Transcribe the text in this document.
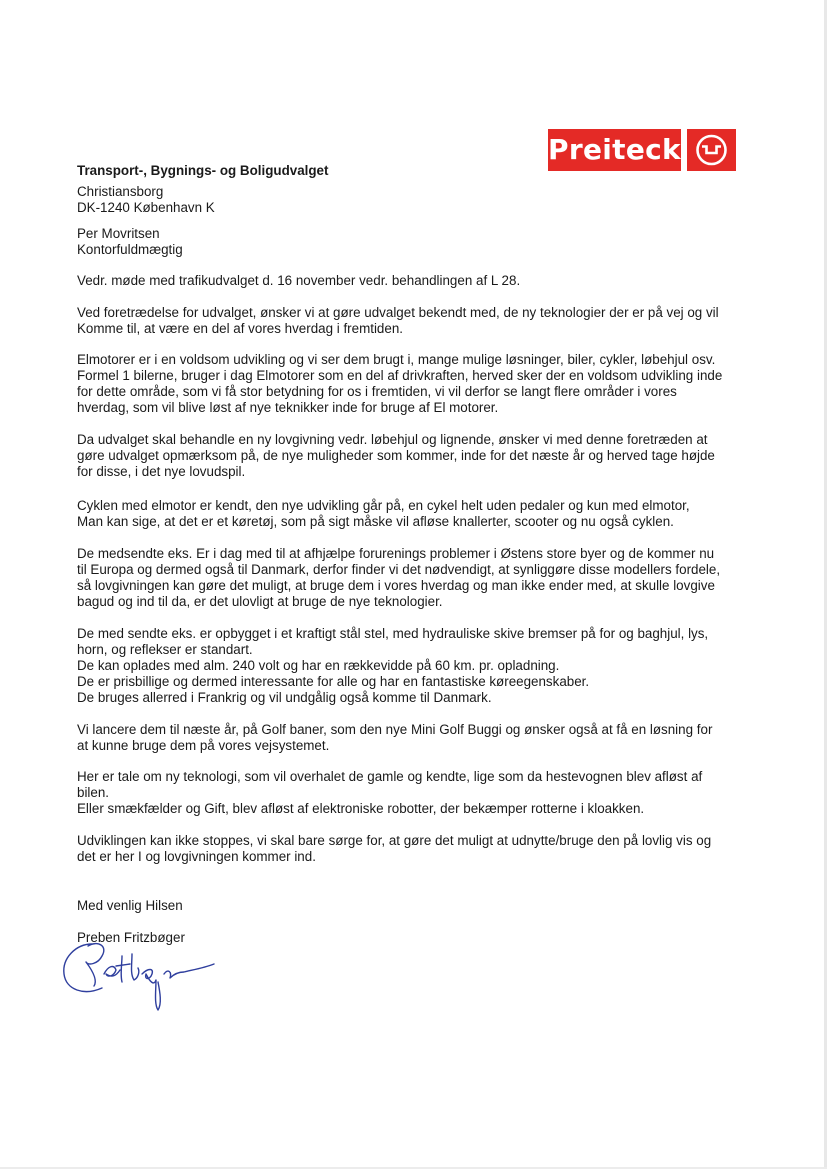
Preiteck
Transport-, Bygnings- og Boligudvalget
Christiansborg
DK-1240 København K
Per Movritsen
Kontorfuldmægtig
Vedr. møde med trafikudvalget d. 16 november vedr. behandlingen af L 28.
Ved foretrædelse for udvalget, ønsker vi at gøre udvalget bekendt med, de ny teknologier der er på vej og vil
Komme til, at være en del af vores hverdag i fremtiden.
Elmotorer er i en voldsom udvikling og vi ser dem brugt i, mange mulige løsninger, biler, cykler, løbehjul osv.
Formel 1 bilerne, bruger i dag Elmotorer som en del af drivkraften, herved sker der en voldsom udvikling inde
for dette område, som vi få stor betydning for os i fremtiden, vi vil derfor se langt flere områder i vores
hverdag, som vil blive løst af nye teknikker inde for bruge af El motorer.
Da udvalget skal behandle en ny lovgivning vedr. løbehjul og lignende, ønsker vi med denne foretræden at
gøre udvalget opmærksom på, de nye muligheder som kommer, inde for det næste år og herved tage højde
for disse, i det nye lovudspil.
Cyklen med elmotor er kendt, den nye udvikling går på, en cykel helt uden pedaler og kun med elmotor,
Man kan sige, at det er et køretøj, som på sigt måske vil afløse knallerter, scooter og nu også cyklen.
De medsendte eks. Er i dag med til at afhjælpe forurenings problemer i Østens store byer og de kommer nu
til Europa og dermed også til Danmark, derfor finder vi det nødvendigt, at synliggøre disse modellers fordele,
så lovgivningen kan gøre det muligt, at bruge dem i vores hverdag og man ikke ender med, at skulle lovgive
bagud og ind til da, er det ulovligt at bruge de nye teknologier.
De med sendte eks. er opbygget i et kraftigt stål stel, med hydrauliske skive bremser på for og baghjul, lys,
horn, og reflekser er standart.
De kan oplades med alm. 240 volt og har en rækkevidde på 60 km. pr. opladning.
De er prisbillige og dermed interessante for alle og har en fantastiske køreegenskaber.
De bruges allerred i Frankrig og vil undgålig også komme til Danmark.
Vi lancere dem til næste år, på Golf baner, som den nye Mini Golf Buggi og ønsker også at få en løsning for
at kunne bruge dem på vores vejsystemet.
Her er tale om ny teknologi, som vil overhalet de gamle og kendte, lige som da hestevognen blev afløst af
bilen.
Eller smækfælder og Gift, blev afløst af elektroniske robotter, der bekæmper rotterne i kloakken.
Udviklingen kan ikke stoppes, vi skal bare sørge for, at gøre det muligt at udnytte/bruge den på lovlig vis og
det er her I og lovgivningen kommer ind.
Med venlig Hilsen
Preben Fritzbøger
